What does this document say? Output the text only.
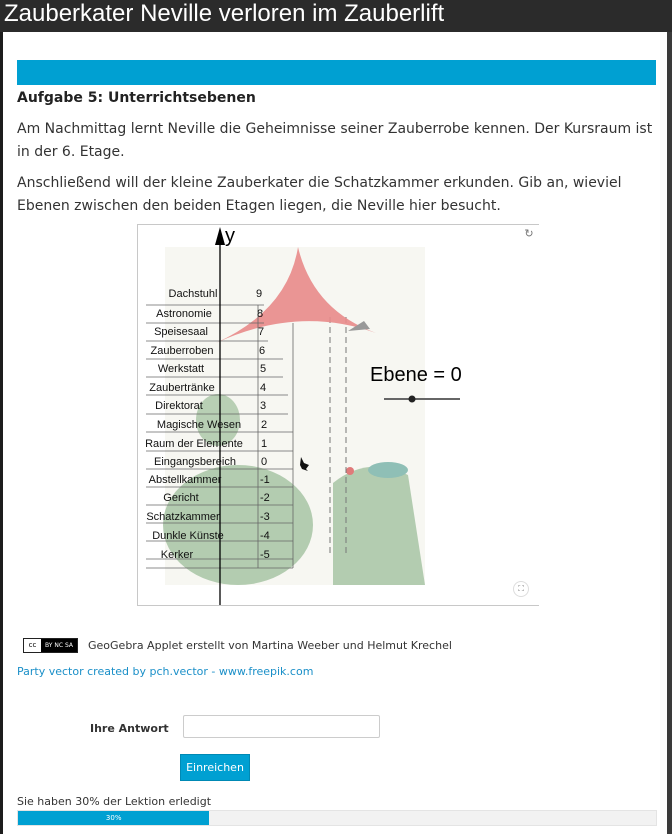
Zauberkater Neville verloren im Zauberlift
Aufgabe 5: Unterrichtsebenen
Am Nachmittag lernt Neville die Geheimnisse seiner Zauberrobe kennen. Der Kursraum ist in der 6. Etage.
Anschließend will der kleine Zauberkater die Schatzkammer erkunden. Gib an, wieviel Ebenen zwischen den beiden Etagen liegen, die Neville hier besucht.
y
Ebene = 0
↻
⛶
Dachstuhl	9
Astronomie	8
Speisesaal	7
Zauberroben	6
Werkstatt	5
Zaubertränke	4
Direktorat	3
Magische Wesen	2
Raum der Elemente	1
Eingangsbereich	0
Abstellkammer	-1
Gericht	-2
Schatzkammer	-3
Dunkle Künste	-4
Kerker	-5
cc	BY NC SA	GeoGebra Applet erstellt von Martina Weeber und Helmut Krechel
Party vector created by pch.vector - www.freepik.com
Ihre Antwort
Einreichen
Sie haben 30% der Lektion erledigt
30%
